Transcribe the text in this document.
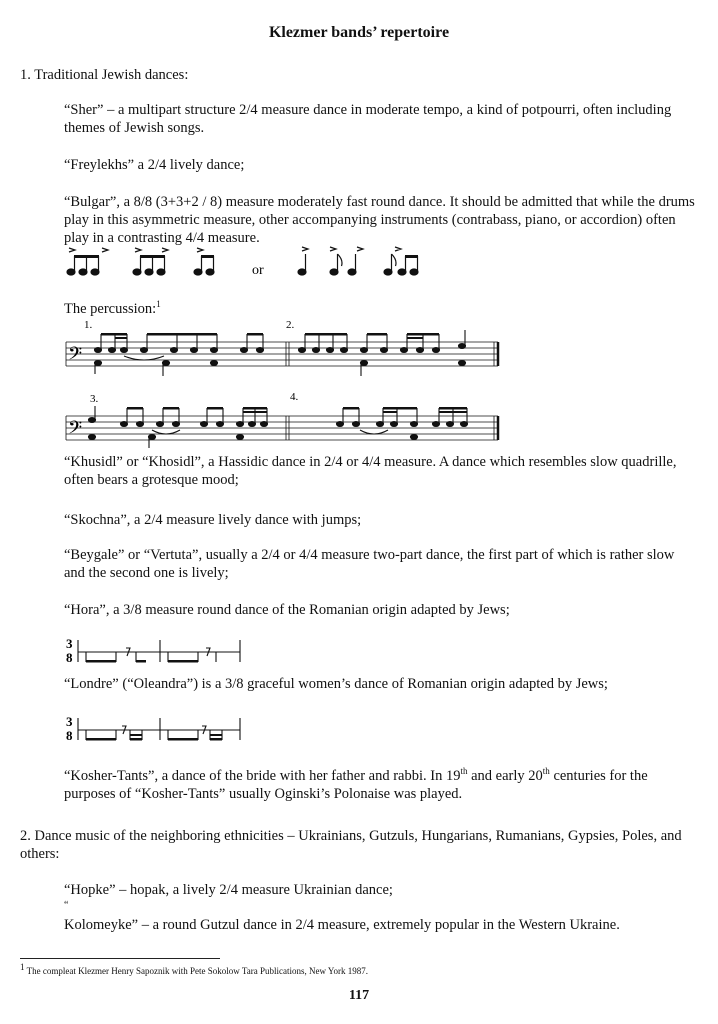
Klezmer bands’ repertoire
1. Traditional Jewish dances:
“Sher” – a multipart structure 2/4 measure dance in moderate tempo, a kind of potpourri, often including themes of Jewish songs.
“Freylekhs” a 2/4 lively dance;
“Bulgar”, a 8/8 (3+3+2 / 8) measure moderately fast round dance. It should be admitted that while the drums play in this asymmetric measure, other accompanying instruments (contrabass, piano, or accordion) often play in a contrasting 4/4 measure.
or
The percussion:$^1$
1.	2.
𝄢
3.	4.
𝄢
“Khusidl” or “Khosidl”, a Hassidic dance in 2/4 or 4/4 measure. A dance which resembles slow quadrille, often bears a grotesque mood;
“Skochna”, a 2/4 measure lively dance with jumps;
“Beygale” or “Vertuta”, usually a 2/4 or 4/4 measure two-part dance, the first part of which is rather slow and the second one is lively;
“Hora”, a 3/8 measure round dance of the Romanian origin adapted by Jews;
3
8
“Londre” (“Oleandra”) is a 3/8 graceful women’s dance of Romanian origin adapted by Jews;
3
8
“Kosher-Tants”, a dance of the bride with her father and rabbi. In 19th and early 20th centuries for the purposes of “Kosher-Tants” usually Oginski’s Polonaise was played.
2. Dance music of the neighboring ethnicities – Ukrainians, Gutzuls, Hungarians, Rumanians, Gypsies, Poles, and others:
“Hopke” – hopak, a lively 2/4 measure Ukrainian dance;
“
Kolomeyke” – a round Gutzul dance in 2/4 measure, extremely popular in the Western Ukraine.
1 The compleat Klezmer Henry Sapoznik with Pete Sokolow Tara Publications, New York 1987.
117
